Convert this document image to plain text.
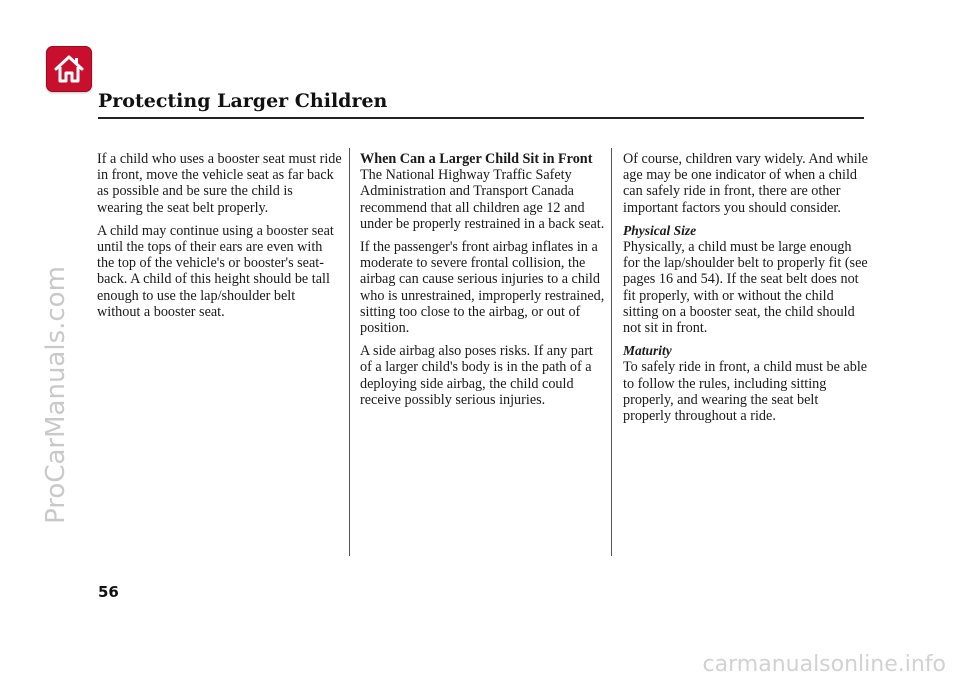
Protecting Larger Children

If a child who uses a booster seat must ride in front, move the vehicle seat as far back as possible and be sure the child is wearing the seat belt properly.

A child may continue using a booster seat until the tops of their ears are even with the top of the vehicle's or booster's seat-back. A child of this height should be tall enough to use the lap/shoulder belt without a booster seat.

When Can a Larger Child Sit in Front

The National Highway Traffic Safety Administration and Transport Canada recommend that all children age 12 and under be properly restrained in a back seat.

If the passenger's front airbag inflates in a moderate to severe frontal collision, the airbag can cause serious injuries to a child who is unrestrained, improperly restrained, sitting too close to the airbag, or out of position.

A side airbag also poses risks. If any part of a larger child's body is in the path of a deploying side airbag, the child could receive possibly serious injuries.

Of course, children vary widely. And while age may be one indicator of when a child can safely ride in front, there are other important factors you should consider.

Physical Size

Physically, a child must be large enough for the lap/shoulder belt to properly fit (see pages 16 and 54). If the seat belt does not fit properly, with or without the child sitting on a booster seat, the child should not sit in front.

Maturity

To safely ride in front, a child must be able to follow the rules, including sitting properly, and wearing the seat belt properly throughout a ride.

56
ProCarManuals.com
carmanualsonline.info
